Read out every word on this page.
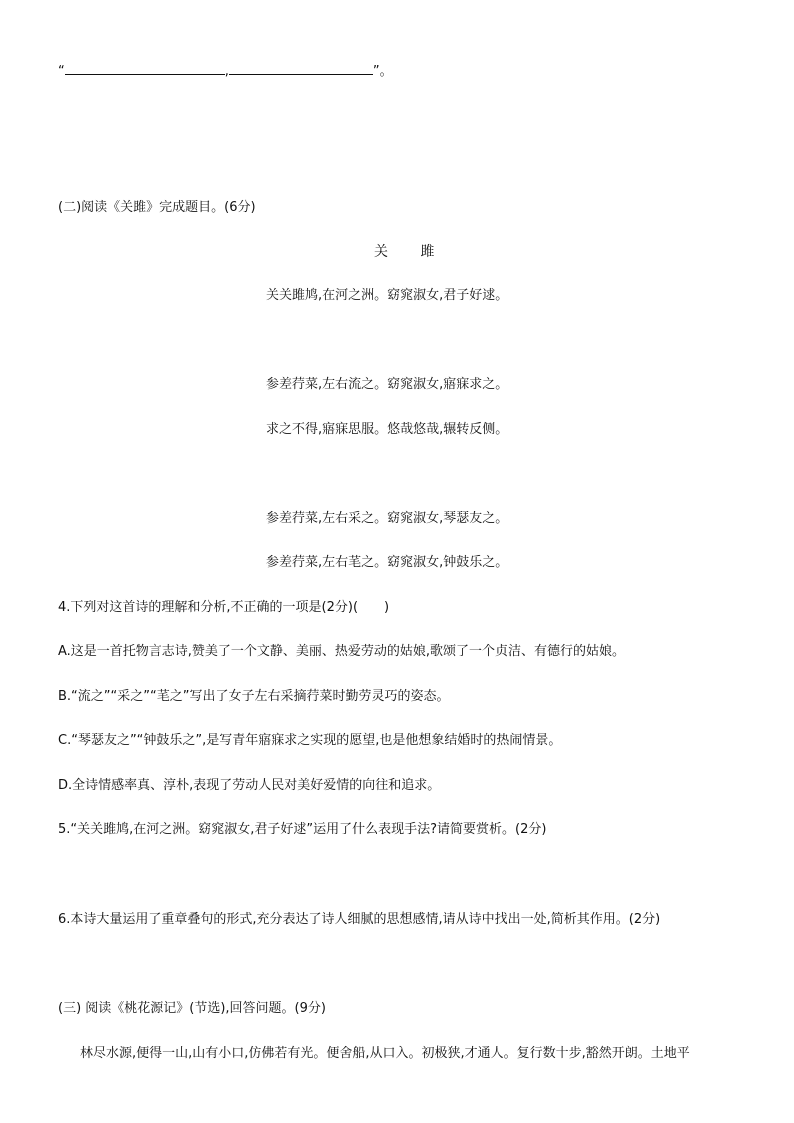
“	,	”。
(二)阅读《关雎》完成题目。(6分)
关 雎
关关雎鸠,在河之洲。窈窕淑女,君子好逑。
参差荇菜,左右流之。窈窕淑女,寤寐求之。
求之不得,寤寐思服。悠哉悠哉,辗转反侧。
参差荇菜,左右采之。窈窕淑女,琴瑟友之。
参差荇菜,左右芼之。窈窕淑女,钟鼓乐之。
4.下列对这首诗的理解和分析,不正确的一项是(2分)(　　)
A.这是一首托物言志诗,赞美了一个文静、美丽、热爱劳动的姑娘,歌颂了一个贞洁、有德行的姑娘。
B.“流之”“采之”“芼之”写出了女子左右采摘荇菜时勤劳灵巧的姿态。
C.“琴瑟友之”“钟鼓乐之”,是写青年寤寐求之实现的愿望,也是他想象结婚时的热闹情景。
D.全诗情感率真、淳朴,表现了劳动人民对美好爱情的向往和追求。
5.“关关雎鸠,在河之洲。窈窕淑女,君子好逑”运用了什么表现手法?请简要赏析。(2分)
6.本诗大量运用了重章叠句的形式,充分表达了诗人细腻的思想感情,请从诗中找出一处,简析其作用。(2分)
(三) 阅读《桃花源记》(节选),回答问题。(9分)
林尽水源,便得一山,山有小口,仿佛若有光。便舍船,从口入。初极狭,才通人。复行数十步,豁然开朗。土地平
